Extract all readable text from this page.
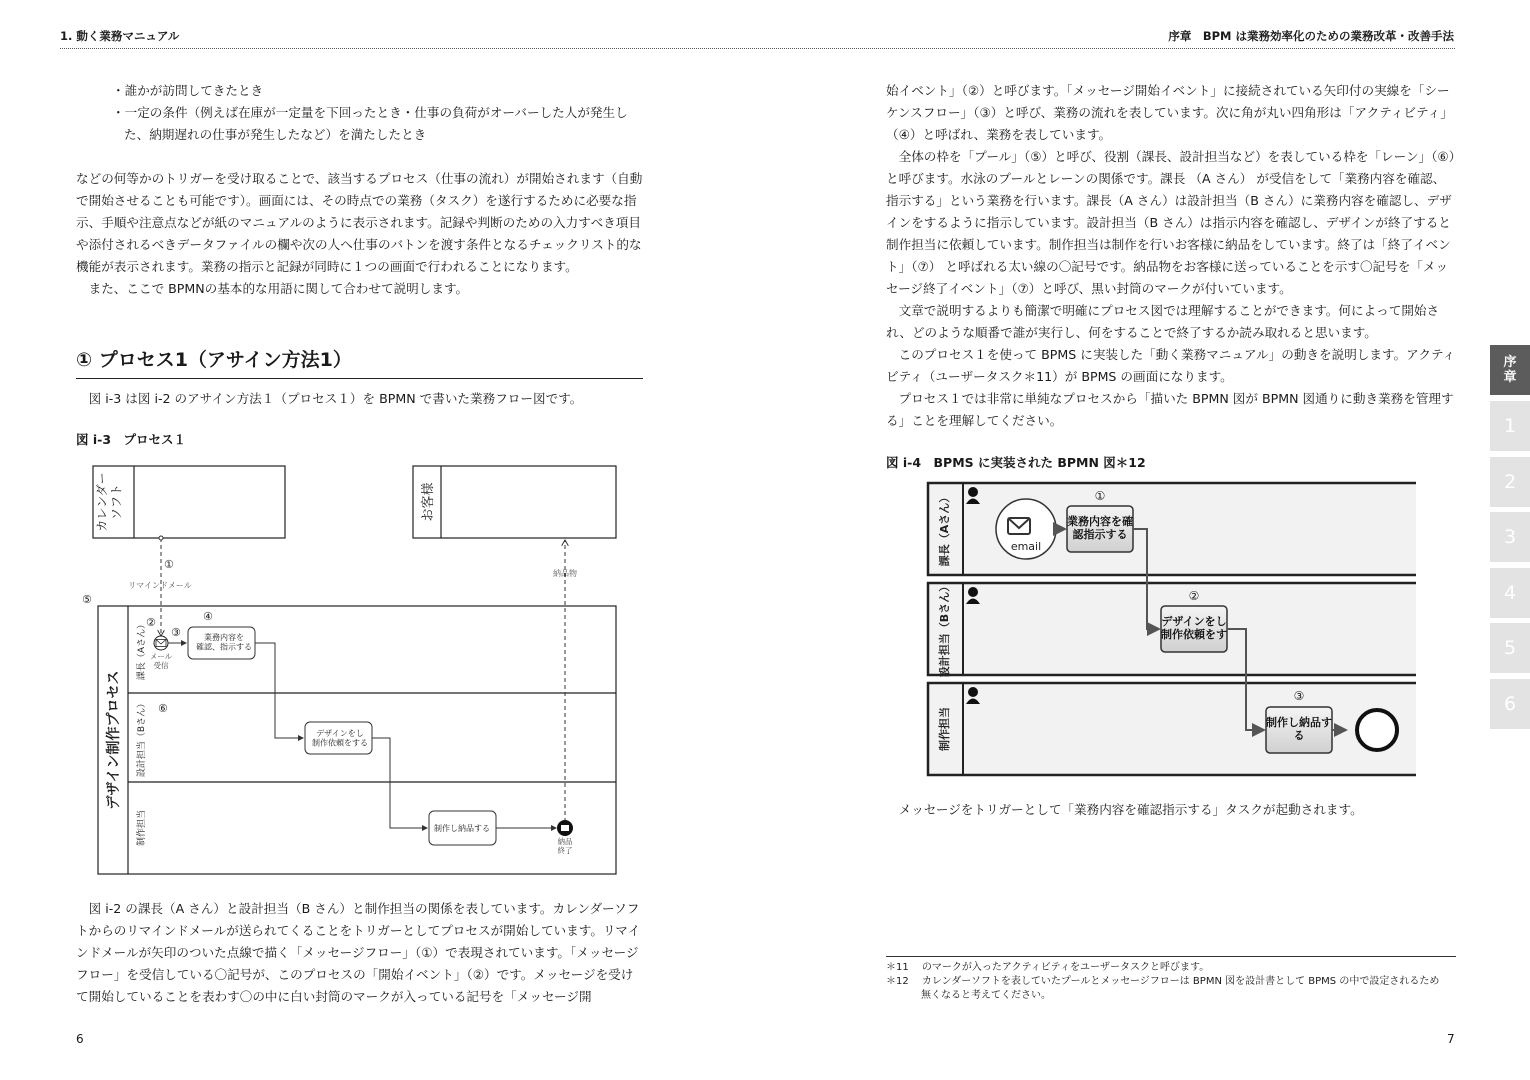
1. 動く業務マニュアル	序章　BPM は業務効率化のための業務改革・改善手法

・誰かが訪問してきたとき

・一定の条件（例えば在庫が一定量を下回ったとき・仕事の負荷がオーバーした人が発生し

た、納期遅れの仕事が発生したなど）を満たしたとき

などの何等かのトリガーを受け取ることで、該当するプロセス（仕事の流れ）が開始されます（自動で開始させることも可能です）。画面には、その時点での業務（タスク）を遂行するために必要な指示、手順や注意点などが紙のマニュアルのように表示されます。記録や判断のための入力すべき項目や添付されるべきデータファイルの欄や次の人へ仕事のバトンを渡す条件となるチェックリスト的な機能が表示されます。業務の指示と記録が同時に１つの画面で行われることになります。

また、ここで BPMNの基本的な用語に関して合わせて説明します。

① プロセス1（アサイン方法1）

図 i-3 は図 i-2 のアサイン方法１（プロセス１）を BPMN で書いた業務フロー図です。

図 i-3　プロセス１
カレンダーソフト	お客様
デザイン制作プロセス
課長（Aさん）
設計担当（Bさん）
制作担当
リマインドメール
納品物
メール受信
業務内容を確認、指示する
デザインをし制作依頼をする
制作し納品する
納品終了
①
②
③
④
⑤
⑥

図 i-2 の課長（A さん）と設計担当（B さん）と制作担当の関係を表しています。カレンダーソフトからのリマインドメールが送られてくることをトリガーとしてプロセスが開始しています。リマインドメールが矢印のついた点線で描く「メッセージフロー」（①）で表現されています。「メッセージフロー」を受信している〇記号が、このプロセスの「開始イベント」（②）です。メッセージを受けて開始していることを表わす〇の中に白い封筒のマークが入っている記号を「メッセージ開

6

始イベント」（②）と呼びます。「メッセージ開始イベント」に接続されている矢印付の実線を「シーケンスフロー」（③）と呼び、業務の流れを表しています。次に角が丸い四角形は「アクティビティ」（④）と呼ばれ、業務を表しています。

全体の枠を「プール」（⑤）と呼び、役割（課長、設計担当など）を表している枠を「レーン」（⑥）と呼びます。水泳のプールとレーンの関係です。課長 （A さん） が受信をして「業務内容を確認、指示する」という業務を行います。課長（A さん）は設計担当（B さん）に業務内容を確認し、デザインをするように指示しています。設計担当（B さん）は指示内容を確認し、デザインが終了すると制作担当に依頼しています。制作担当は制作を行いお客様に納品をしています。終了は「終了イベント」（⑦） と呼ばれる太い線の〇記号です。納品物をお客様に送っていることを示す〇記号を「メッセージ終了イベント」（⑦）と呼び、黒い封筒のマークが付いています。

文章で説明するよりも簡潔で明確にプロセス図では理解することができます。何によって開始され、どのような順番で誰が実行し、何をすることで終了するか読み取れると思います。

このプロセス１を使って BPMS に実装した「動く業務マニュアル」の動きを説明します。アクティビティ（ユーザータスク＊11）が BPMS の画面になります。

プロセス１では非常に単純なプロセスから「描いた BPMN 図が BPMN 図通りに動き業務を管理する」ことを理解してください。

図 i-4　BPMS に実装された BPMN 図＊12
課長（Aさん）
設計担当（Bさん）
制作担当
email
業務内容を確認指示する
デザインをし制作依頼をす
制作し納品する
①
②
③

メッセージをトリガーとして「業務内容を確認指示する」タスクが起動されます。

＊11 　のマークが入ったアクティビティをユーザータスクと呼びます。
＊12 　カレンダーソフトを表していたプールとメッセージフローは BPMN 図を設計書として BPMS の中で設定されるため
無くなると考えてください。
7
序
章
1
2
3
4
5
6
